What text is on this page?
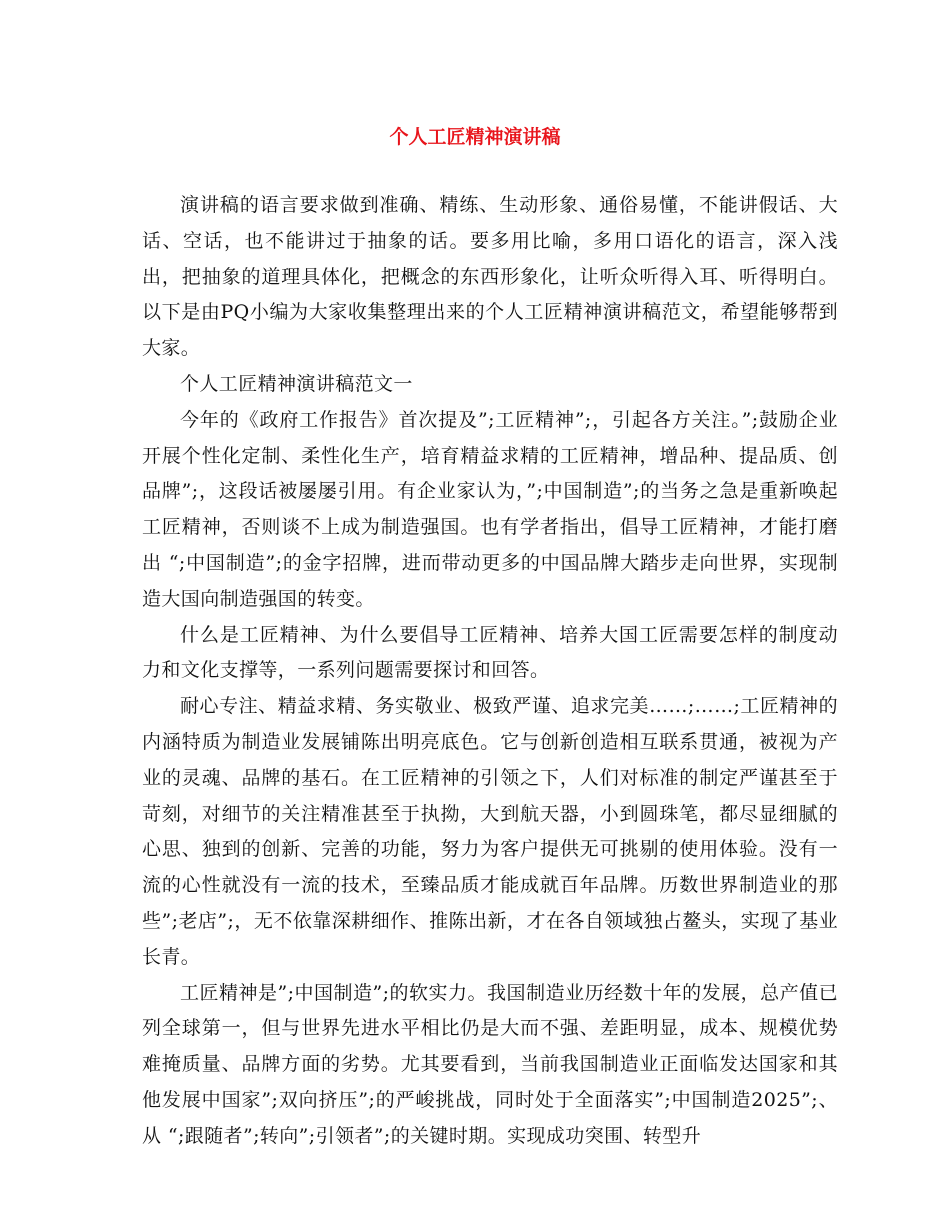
个人工匠精神演讲稿

演讲稿的语言要求做到准确、精练、生动形象、通俗易懂，不能讲假话、大话、空话，也不能讲过于抽象的话。要多用比喻，多用口语化的语言，深入浅出，把抽象的道理具体化，把概念的东西形象化，让听众听得入耳、听得明白。以下是由PQ小编为大家收集整理出来的个人工匠精神演讲稿范文，希望能够帮到大家。

个人工匠精神演讲稿范文一

今年的《政府工作报告》首次提及”;工匠精神”;，引起各方关注。”;鼓励企业开展个性化定制、柔性化生产，培育精益求精的工匠精神，增品种、提品质、创品牌”;，这段话被屡屡引用。有企业家认为，”;中国制造”;的当务之急是重新唤起工匠精神，否则谈不上成为制造强国。也有学者指出，倡导工匠精神，才能打磨出 “;中国制造”;的金字招牌，进而带动更多的中国品牌大踏步走向世界，实现制造大国向制造强国的转变。

什么是工匠精神、为什么要倡导工匠精神、培养大国工匠需要怎样的制度动力和文化支撑等，一系列问题需要探讨和回答。

耐心专注、精益求精、务实敬业、极致严谨、追求完美……;……;工匠精神的内涵特质为制造业发展铺陈出明亮底色。它与创新创造相互联系贯通，被视为产业的灵魂、品牌的基石。在工匠精神的引领之下，人们对标准的制定严谨甚至于苛刻，对细节的关注精准甚至于执拗，大到航天器，小到圆珠笔，都尽显细腻的心思、独到的创新、完善的功能，努力为客户提供无可挑剔的使用体验。没有一流的心性就没有一流的技术，至臻品质才能成就百年品牌。历数世界制造业的那些”;老店”;，无不依靠深耕细作、推陈出新，才在各自领域独占鳌头，实现了基业长青。

工匠精神是”;中国制造”;的软实力。我国制造业历经数十年的发展，总产值已列全球第一，但与世界先进水平相比仍是大而不强、差距明显，成本、规模优势难掩质量、品牌方面的劣势。尤其要看到，当前我国制造业正面临发达国家和其他发展中国家”;双向挤压”;的严峻挑战，同时处于全面落实”;中国制造2025”;、从 “;跟随者”;转向”;引领者”;的关键时期。实现成功突围、转型升
